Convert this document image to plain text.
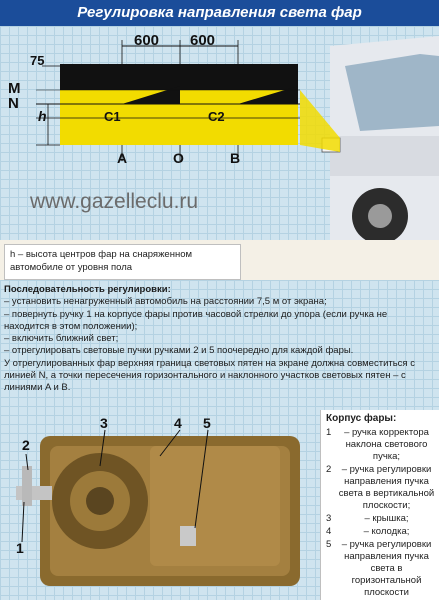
Регулировка направления света фар
600 600
75
M
N
h	C1	C2
A	O	B
www.gazelleclu.ru
h – высота центров фар на снаряженном автомобиле от уровня пола
Последовательность регулировки:
– установить ненагруженный автомобиль на расстоянии 7,5 м от экрана;
– повернуть ручку 1 на корпусе фары против часовой стрелки до упора (если ручка не находится в этом положении);
– включить ближний свет;
– отрегулировать световые пучки ручками 2 и 5 поочередно для каждой фары.
У отрегулированных фар верхняя граница световых пятен на экране должна совместиться с линией N, а точки пересечения горизонтального и наклонного участков световых пятен – с линиями A и B.
1
2
3	4 5	Корпус фары:
1	– ручка корректора наклона светового пучка;
2	– ручка регулировки направления пучка света в вертикальной плоскости;
3	– крышка;
4	– колодка;
5	– ручка регулировки направления пучка света в горизонтальной плоскости
